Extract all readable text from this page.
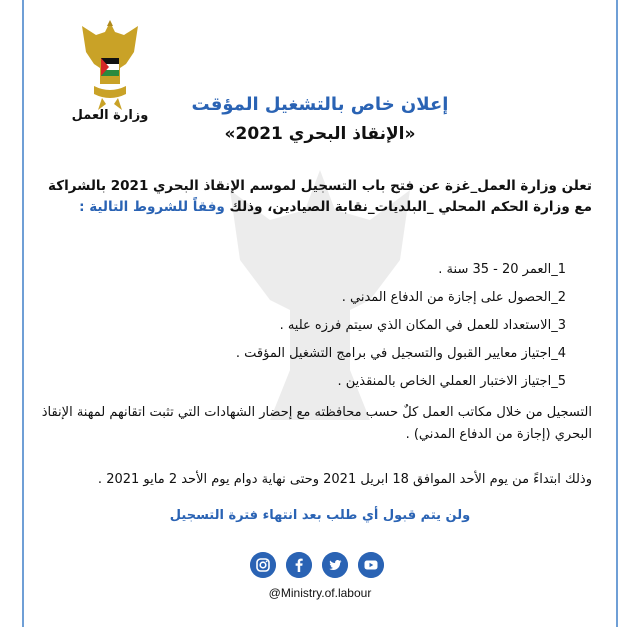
وزارة العمل
إعلان خاص بالتشغيل المؤقت
«الإنقاذ البحري 2021»
تعلن وزارة العمل_غزة عن فتح باب التسجيل لموسم الإنقاذ البحري 2021 بالشراكة مع وزارة الحكم المحلي _البلديات_نقابة الصيادين، وذلك وفقاً للشروط التالية :
1_العمر 20 - 35 سنة .
2_الحصول على إجازة من الدفاع المدني .
3_الاستعداد للعمل في المكان الذي سيتم فرزه عليه .
4_اجتياز معايير القبول والتسجيل في برامج التشغيل المؤقت .
5_اجتياز الاختبار العملي الخاص بالمنقذين .
التسجيل من خلال مكاتب العمل كلٌ حسب محافظته مع إحضار الشهادات التي تثبت اتقانهم لمهنة الإنقاذ البحري (إجازة من الدفاع المدني) .
وذلك ابتداءً من يوم الأحد الموافق 18 ابريل 2021 وحتى نهاية دوام يوم الأحد 2 مايو 2021 .
ولن يتم قبول أي طلب بعد انتهاء فترة التسجيل
@Ministry.of.labour
